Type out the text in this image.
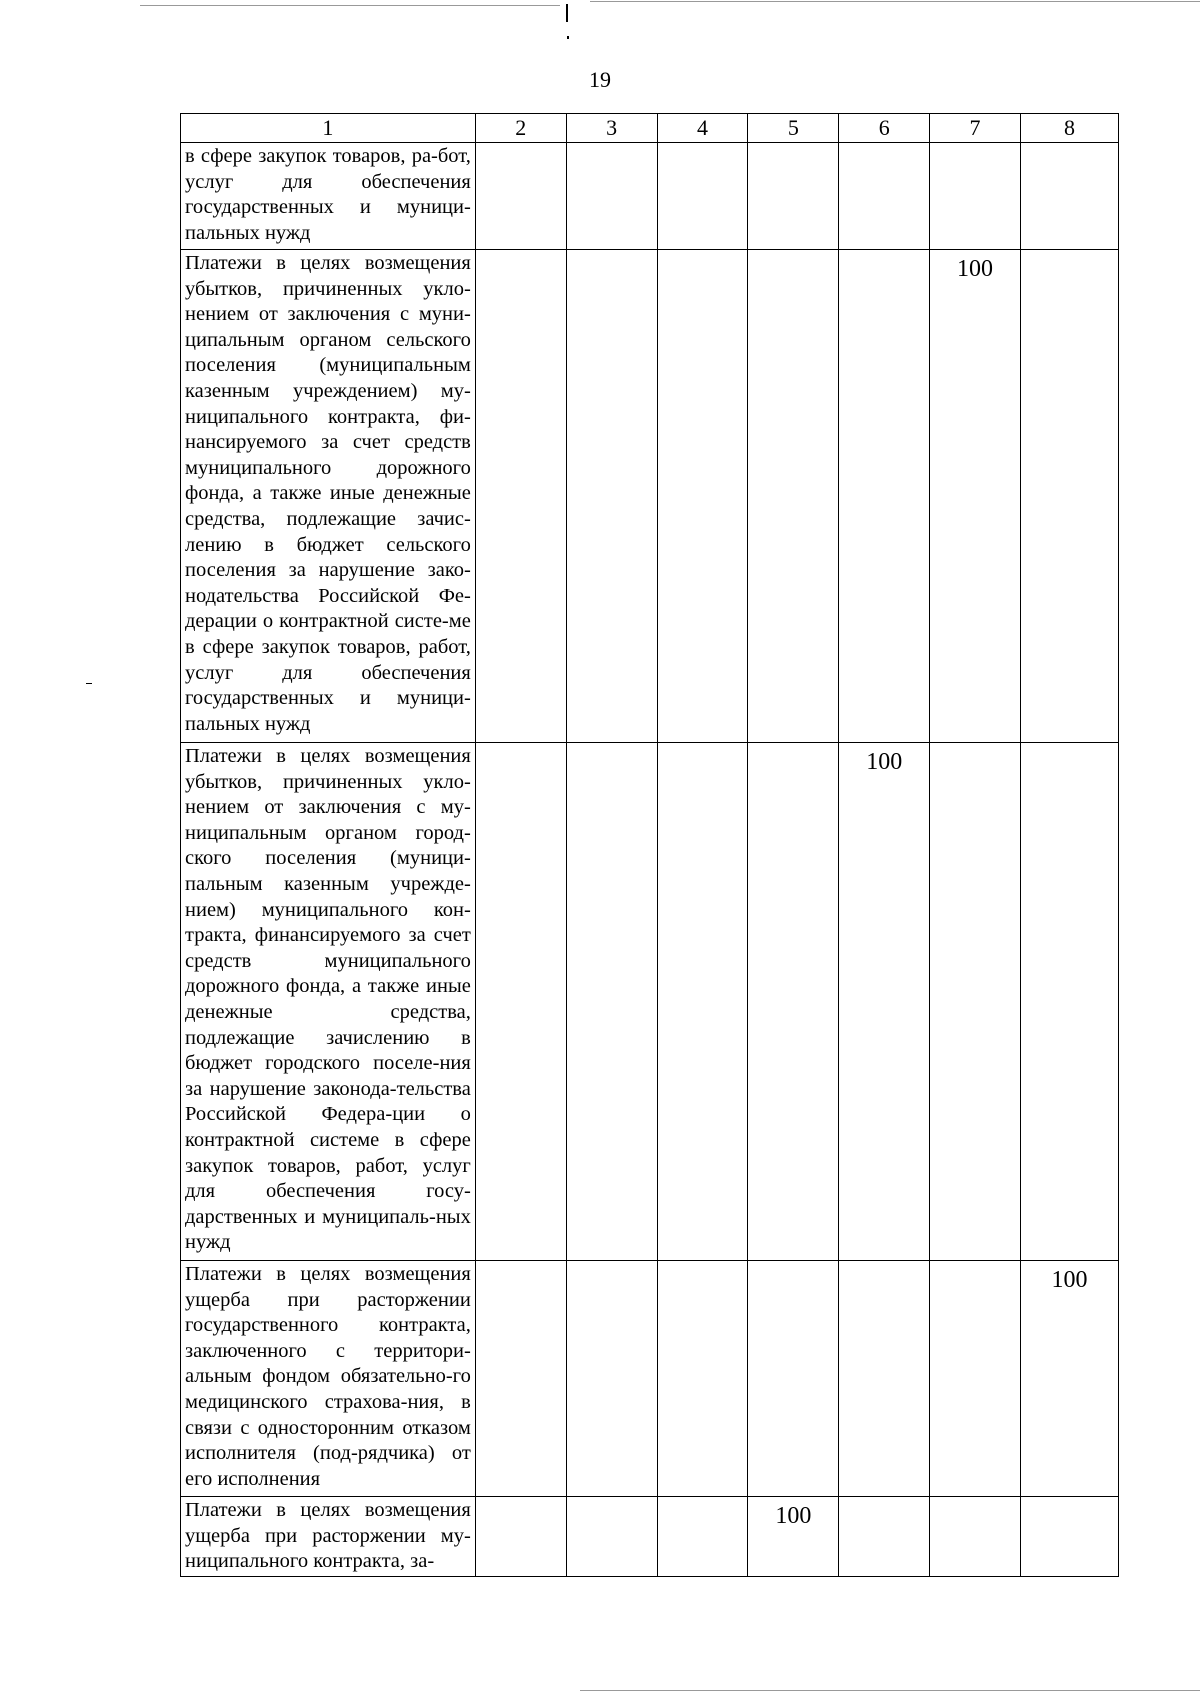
19
1	2	3	4	5	6	7	8
в сфере закупок товаров, ра-бот, услуг для обеспечения государственных и муници-пальных нужд							
Платежи в целях возмещения убытков, причиненных укло-нением от заключения с муни-ципальным органом сельского поселения (муниципальным казенным учреждением) му-ниципального контракта, фи-нансируемого за счет средств муниципального дорожного фонда, а также иные денежные средства, подлежащие зачис-лению в бюджет сельского поселения за нарушение зако-нодательства Российской Фе-дерации о контрактной систе-ме в сфере закупок товаров, работ, услуг для обеспечения государственных и муници-пальных нужд						100	
Платежи в целях возмещения убытков, причиненных укло-нением от заключения с му-ниципальным органом город-ского поселения (муници-пальным казенным учрежде-нием) муниципального кон-тракта, финансируемого за счет средств муниципального дорожного фонда, а также иные денежные средства, подлежащие зачислению в бюджет городского поселе-ния за нарушение законода-тельства Российской Федера-ции о контрактной системе в сфере закупок товаров, работ, услуг для обеспечения госу-дарственных и муниципаль-ных нужд					100		
Платежи в целях возмещения ущерба при расторжении государственного контракта, заключенного с территори-альным фондом обязательно-го медицинского страхова-ния, в связи с односторонним отказом исполнителя (под-рядчика) от его исполнения							100
Платежи в целях возмещения ущерба при расторжении му-ниципального контракта, за-				100			
